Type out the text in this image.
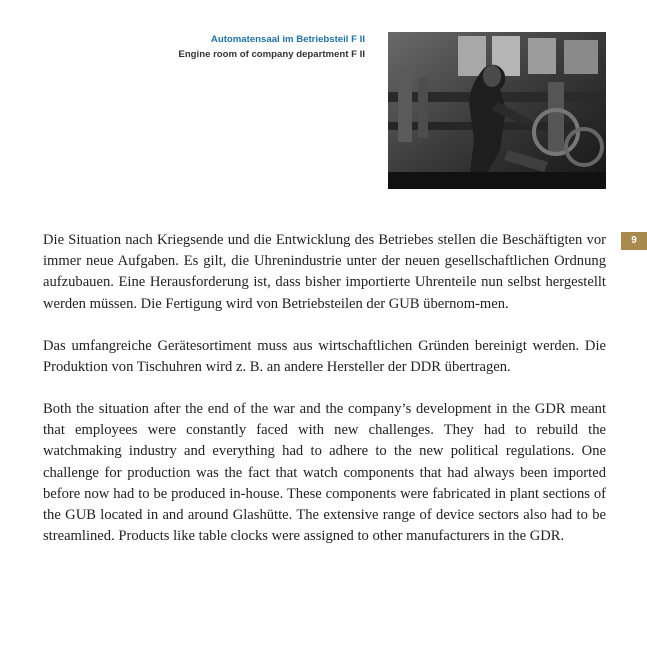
Automatensaal im Betriebsteil F II
Engine room of company department F II
9

Die Situation nach Kriegsende und die Entwicklung des Betriebes stellen die Beschäftigten vor immer neue Aufgaben. Es gilt, die Uhrenindustrie unter der neuen gesellschaftlichen Ordnung aufzubauen. Eine Herausforderung ist, dass bisher importierte Uhrenteile nun selbst hergestellt werden müssen. Die Fertigung wird von Betriebsteilen der GUB übernom-men.

Das umfangreiche Gerätesortiment muss aus wirtschaftlichen Gründen bereinigt werden. Die Produktion von Tischuhren wird z. B. an andere Hersteller der DDR übertragen.

Both the situation after the end of the war and the company’s development in the GDR meant that employees were constantly faced with new challenges. They had to rebuild the watchmaking industry and everything had to adhere to the new political regulations. One challenge for production was the fact that watch components that had always been imported before now had to be produced in-house. These components were fabricated in plant sections of the GUB located in and around Glashütte. The extensive range of device sectors also had to be streamlined. Products like table clocks were assigned to other manufacturers in the GDR.
